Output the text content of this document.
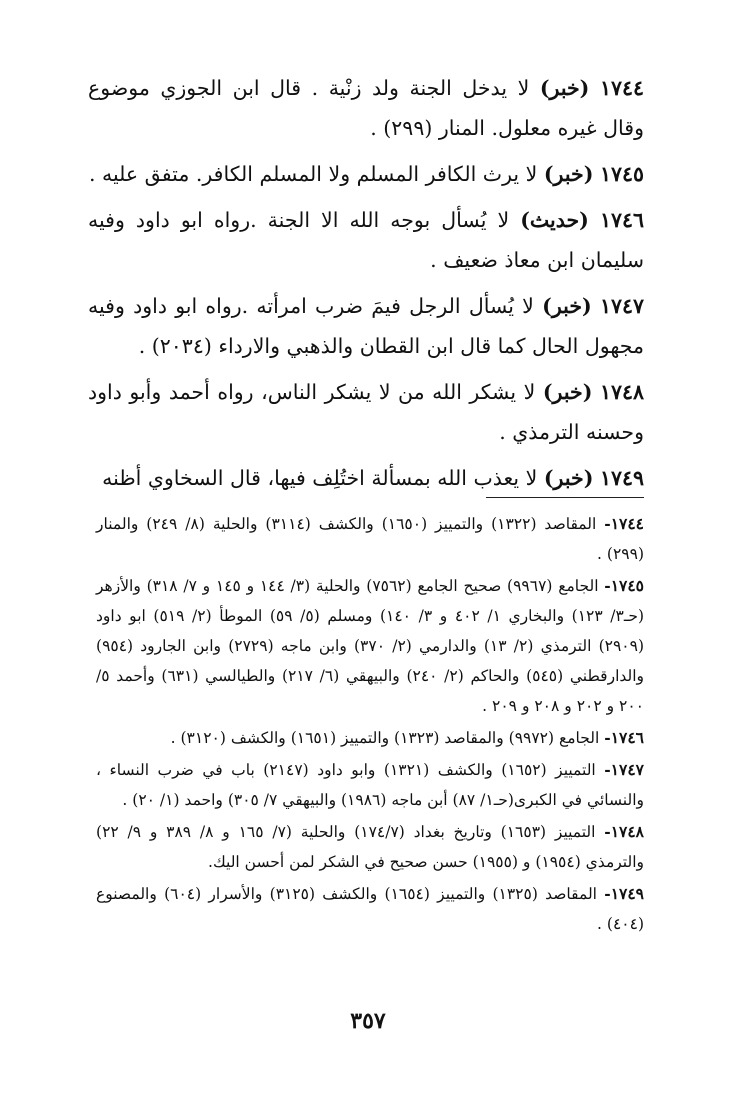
١٧٤٤ (خبر) لا يدخل الجنة ولد زنْية . قال ابن الجوزي موضوع وقال غيره معلول. المنار (٢٩٩) .

١٧٤٥ (خبر) لا يرث الكافر المسلم ولا المسلم الكافر. متفق عليه .

١٧٤٦ (حديث) لا يُسأل بوجه الله الا الجنة .رواه ابو داود وفيه سليمان ابن معاذ ضعيف .

١٧٤٧ (خبر) لا يُسأل الرجل فيمَ ضرب امرأته .رواه ابو داود وفيه مجهول الحال كما قال ابن القطان والذهبي والارداء (٢٠٣٤) .

١٧٤٨ (خبر) لا يشكر الله من لا يشكر الناس، رواه أحمد وأبو داود وحسنه الترمذي .

١٧٤٩ (خبر) لا يعذب الله بمسألة اختُلِف فيها، قال السخاوي أظنه

١٧٤٤- المقاصد (١٣٢٢) والتمييز (١٦٥٠) والكشف (٣١١٤) والحلية (٨/ ٢٤٩) والمنار (٢٩٩) .

١٧٤٥- الجامع (٩٩٦٧) صحيح الجامع (٧٥٦٢) والحلية (٣/ ١٤٤ و ١٤٥ و ٧/ ٣١٨) والأزهر (حـ٣/ ١٢٣) والبخاري ١/ ٤٠٢ و ٣/ ١٤٠) ومسلم (٥/ ٥٩) الموطأ (٢/ ٥١٩) ابو داود (٢٩٠٩) الترمذي (٢/ ١٣) والدارمي (٢/ ٣٧٠) وابن ماجه (٢٧٢٩) وابن الجارود (٩٥٤) والدارقطني (٥٤٥) والحاكم (٢/ ٢٤٠) والبيهقي (٦/ ٢١٧) والطيالسي (٦٣١) وأحمد ٥/ ٢٠٠ و ٢٠٢ و ٢٠٨ و ٢٠٩ .

١٧٤٦- الجامع (٩٩٧٢) والمقاصد (١٣٢٣) والتمييز (١٦٥١) والكشف (٣١٢٠) .

١٧٤٧- التمييز (١٦٥٢) والكشف (١٣٢١) وابو داود (٢١٤٧) باب في ضرب النساء ، والنسائي في الكبرى(حـ١/ ٨٧) أبن ماجه (١٩٨٦) والبيهقي ٧/ ٣٠٥) واحمد (١/ ٢٠) .

١٧٤٨- التمييز (١٦٥٣) وتاريخ بغداد (١٧٤/٧) والحلية (٧/ ١٦٥ و ٨/ ٣٨٩ و ٩/ ٢٢) والترمذي (١٩٥٤) و (١٩٥٥) حسن صحيح في الشكر لمن أحسن اليك.

١٧٤٩- المقاصد (١٣٢٥) والتمييز (١٦٥٤) والكشف (٣١٢٥) والأسرار (٦٠٤) والمصنوع (٤٠٤) .

٣٥٧
